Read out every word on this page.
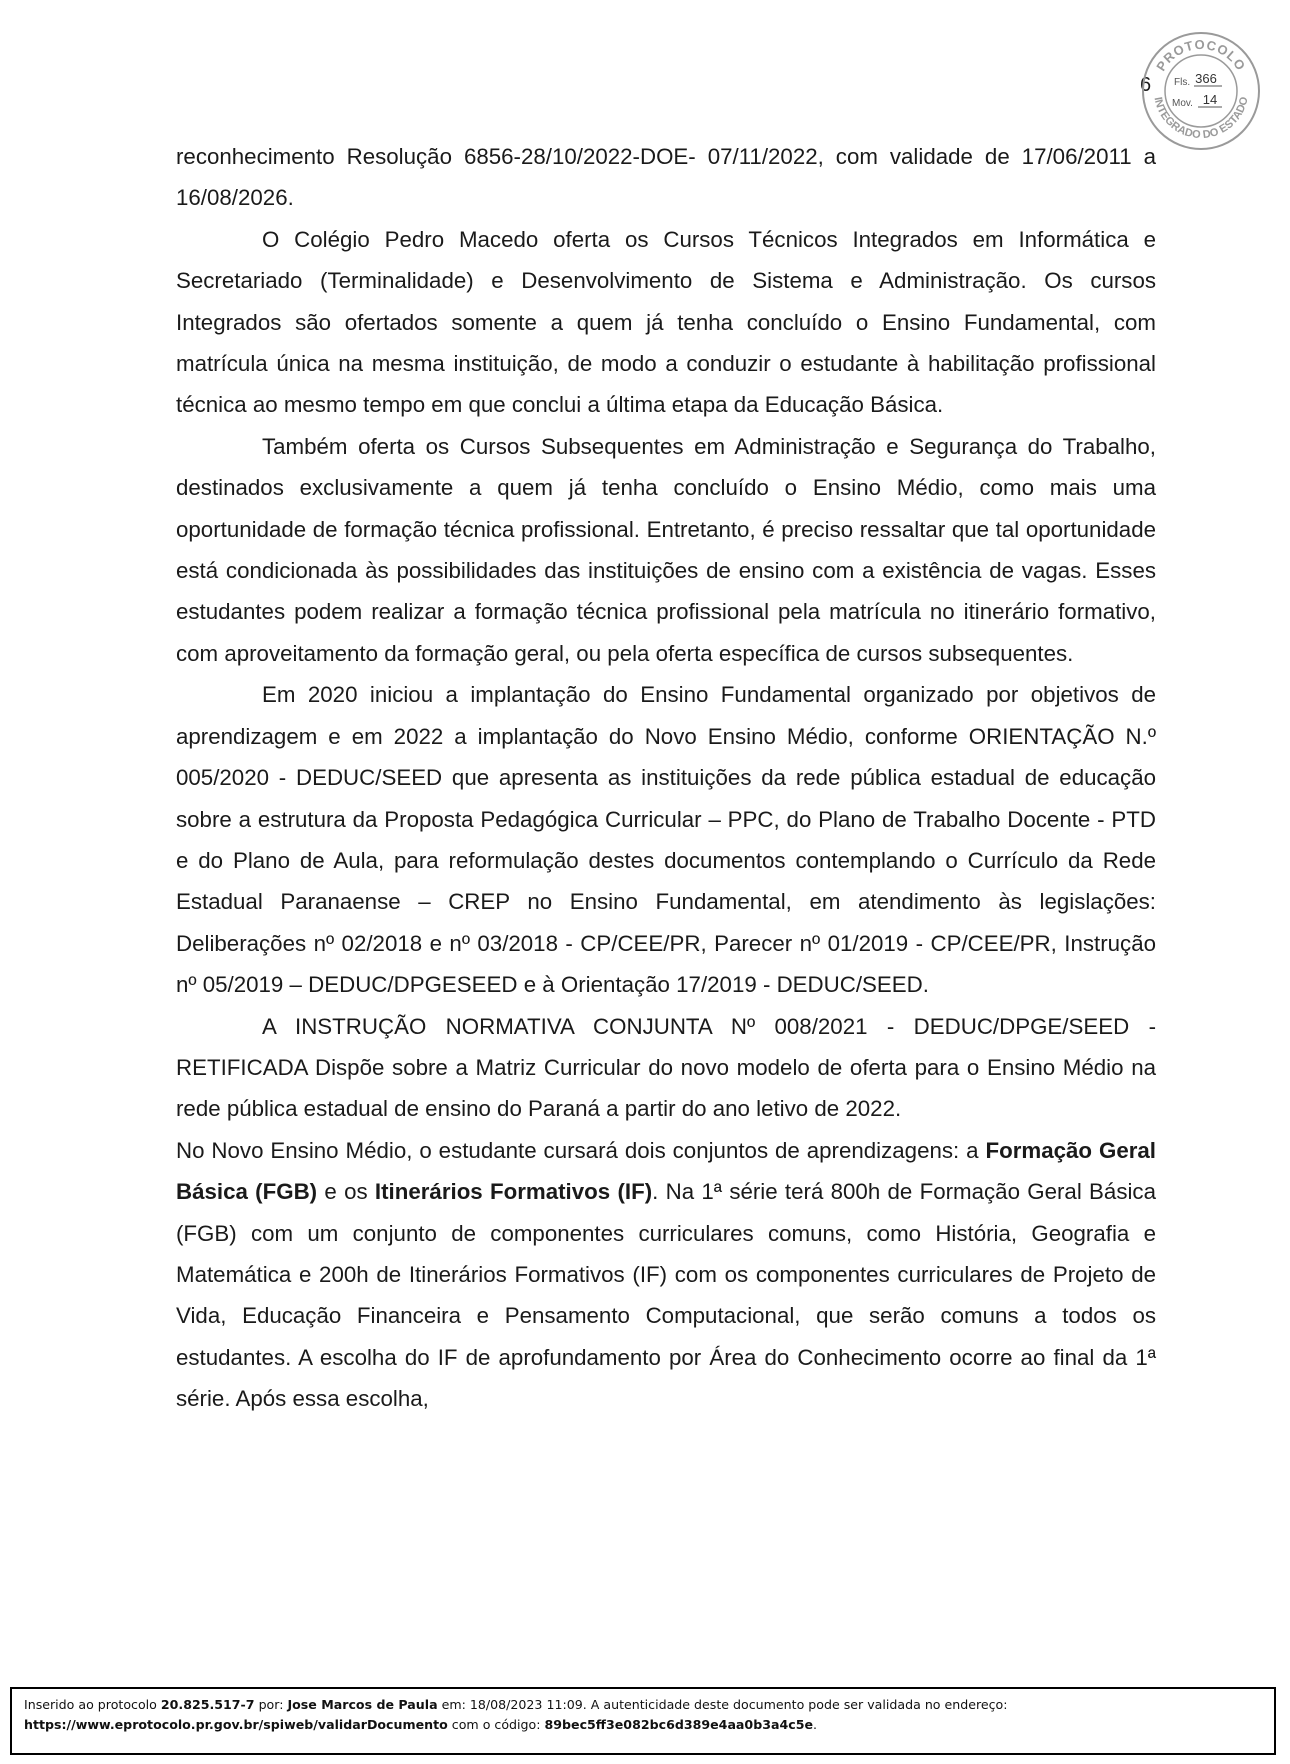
6
PROTOCOLO
INTEGRADO DO ESTADO
Fls. 366
Mov. 14

reconhecimento Resolução 6856-28/10/2022-DOE- 07/11/2022, com validade de 17/06/2011 a 16/08/2026.

O Colégio Pedro Macedo oferta os Cursos Técnicos Integrados em Informática e Secretariado (Terminalidade) e Desenvolvimento de Sistema e Administração. Os cursos Integrados são ofertados somente a quem já tenha concluído o Ensino Fundamental, com matrícula única na mesma instituição, de modo a conduzir o estudante à habilitação profissional técnica ao mesmo tempo em que conclui a última etapa da Educação Básica.

Também oferta os Cursos Subsequentes em Administração e Segurança do Trabalho, destinados exclusivamente a quem já tenha concluído o Ensino Médio, como mais uma oportunidade de formação técnica profissional. Entretanto, é preciso ressaltar que tal oportunidade está condicionada às possibilidades das instituições de ensino com a existência de vagas. Esses estudantes podem realizar a formação técnica profissional pela matrícula no itinerário formativo, com aproveitamento da formação geral, ou pela oferta específica de cursos subsequentes.

Em 2020 iniciou a implantação do Ensino Fundamental organizado por objetivos de aprendizagem e em 2022 a implantação do Novo Ensino Médio, conforme ORIENTAÇÃO N.º 005/2020 - DEDUC/SEED que apresenta as instituições da rede pública estadual de educação sobre a estrutura da Proposta Pedagógica Curricular – PPC, do Plano de Trabalho Docente - PTD e do Plano de Aula, para reformulação destes documentos contemplando o Currículo da Rede Estadual Paranaense – CREP no Ensino Fundamental, em atendimento às legislações: Deliberações nº 02/2018 e nº 03/2018 - CP/CEE/PR, Parecer nº 01/2019 - CP/CEE/PR, Instrução nº 05/2019 – DEDUC/DPGESEED e à Orientação 17/2019 - DEDUC/SEED.

A INSTRUÇÃO NORMATIVA CONJUNTA Nº 008/2021 - DEDUC/DPGE/SEED - RETIFICADA Dispõe sobre a Matriz Curricular do novo modelo de oferta para o Ensino Médio na rede pública estadual de ensino do Paraná a partir do ano letivo de 2022.

No Novo Ensino Médio, o estudante cursará dois conjuntos de aprendizagens: a Formação Geral Básica (FGB) e os Itinerários Formativos (IF). Na 1ª série terá 800h de Formação Geral Básica (FGB) com um conjunto de componentes curriculares comuns, como História, Geografia e Matemática e 200h de Itinerários Formativos (IF) com os componentes curriculares de Projeto de Vida, Educação Financeira e Pensamento Computacional, que serão comuns a todos os estudantes. A escolha do IF de aprofundamento por Área do Conhecimento ocorre ao final da 1ª série. Após essa escolha,

Inserido ao protocolo 20.825.517-7 por: Jose Marcos de Paula em: 18/08/2023 11:09. A autenticidade deste documento pode ser validada no endereço:
https://www.eprotocolo.pr.gov.br/spiweb/validarDocumento com o código: 89bec5ff3e082bc6d389e4aa0b3a4c5e.
